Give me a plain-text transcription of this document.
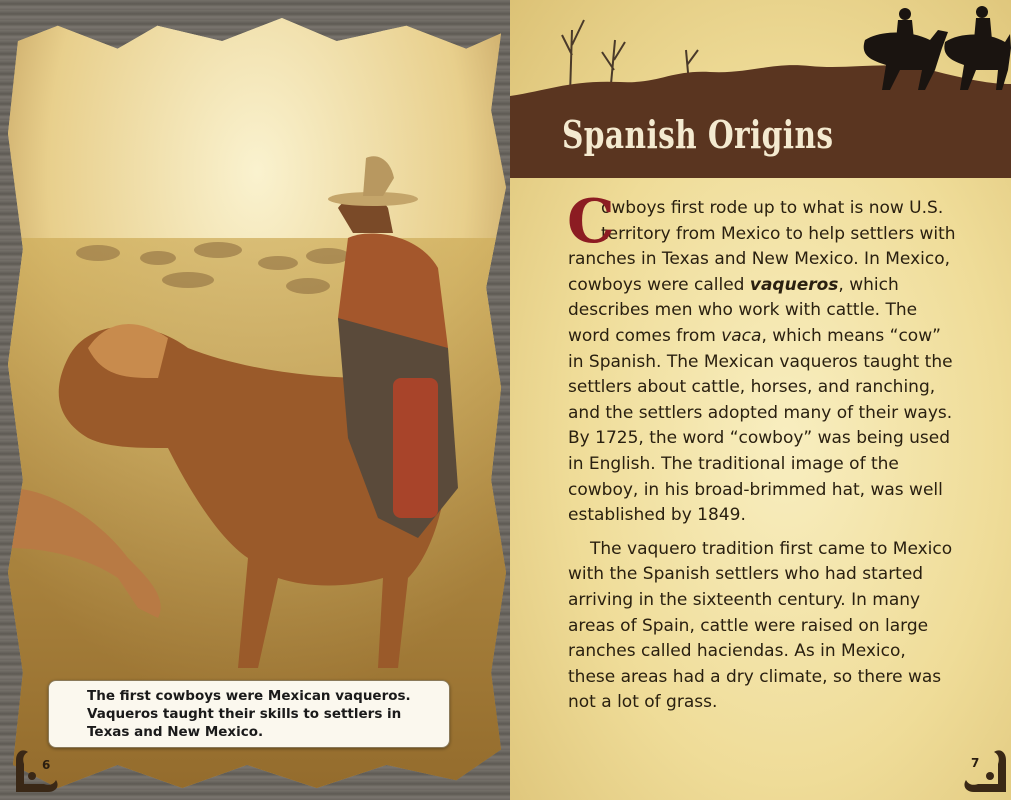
The first cowboys were Mexican vaqueros.
Vaqueros taught their skills to settlers in
Texas and New Mexico.
6
Spanish Origins
C
owboys first rode up to what is now U.S.
territory from Mexico to help settlers with
ranches in Texas and New Mexico. In Mexico,
cowboys were called vaqueros, which
describes men who work with cattle. The
word comes from vaca, which means “cow”
in Spanish. The Mexican vaqueros taught the
settlers about cattle, horses, and ranching,
and the settlers adopted many of their ways.
By 1725, the word “cowboy” was being used
in English. The traditional image of the
cowboy, in his broad-brimmed hat, was well
established by 1849.
The vaquero tradition first came to Mexico
with the Spanish settlers who had started
arriving in the sixteenth century. In many
areas of Spain, cattle were raised on large
ranches called haciendas. As in Mexico,
these areas had a dry climate, so there was
not a lot of grass.
7
